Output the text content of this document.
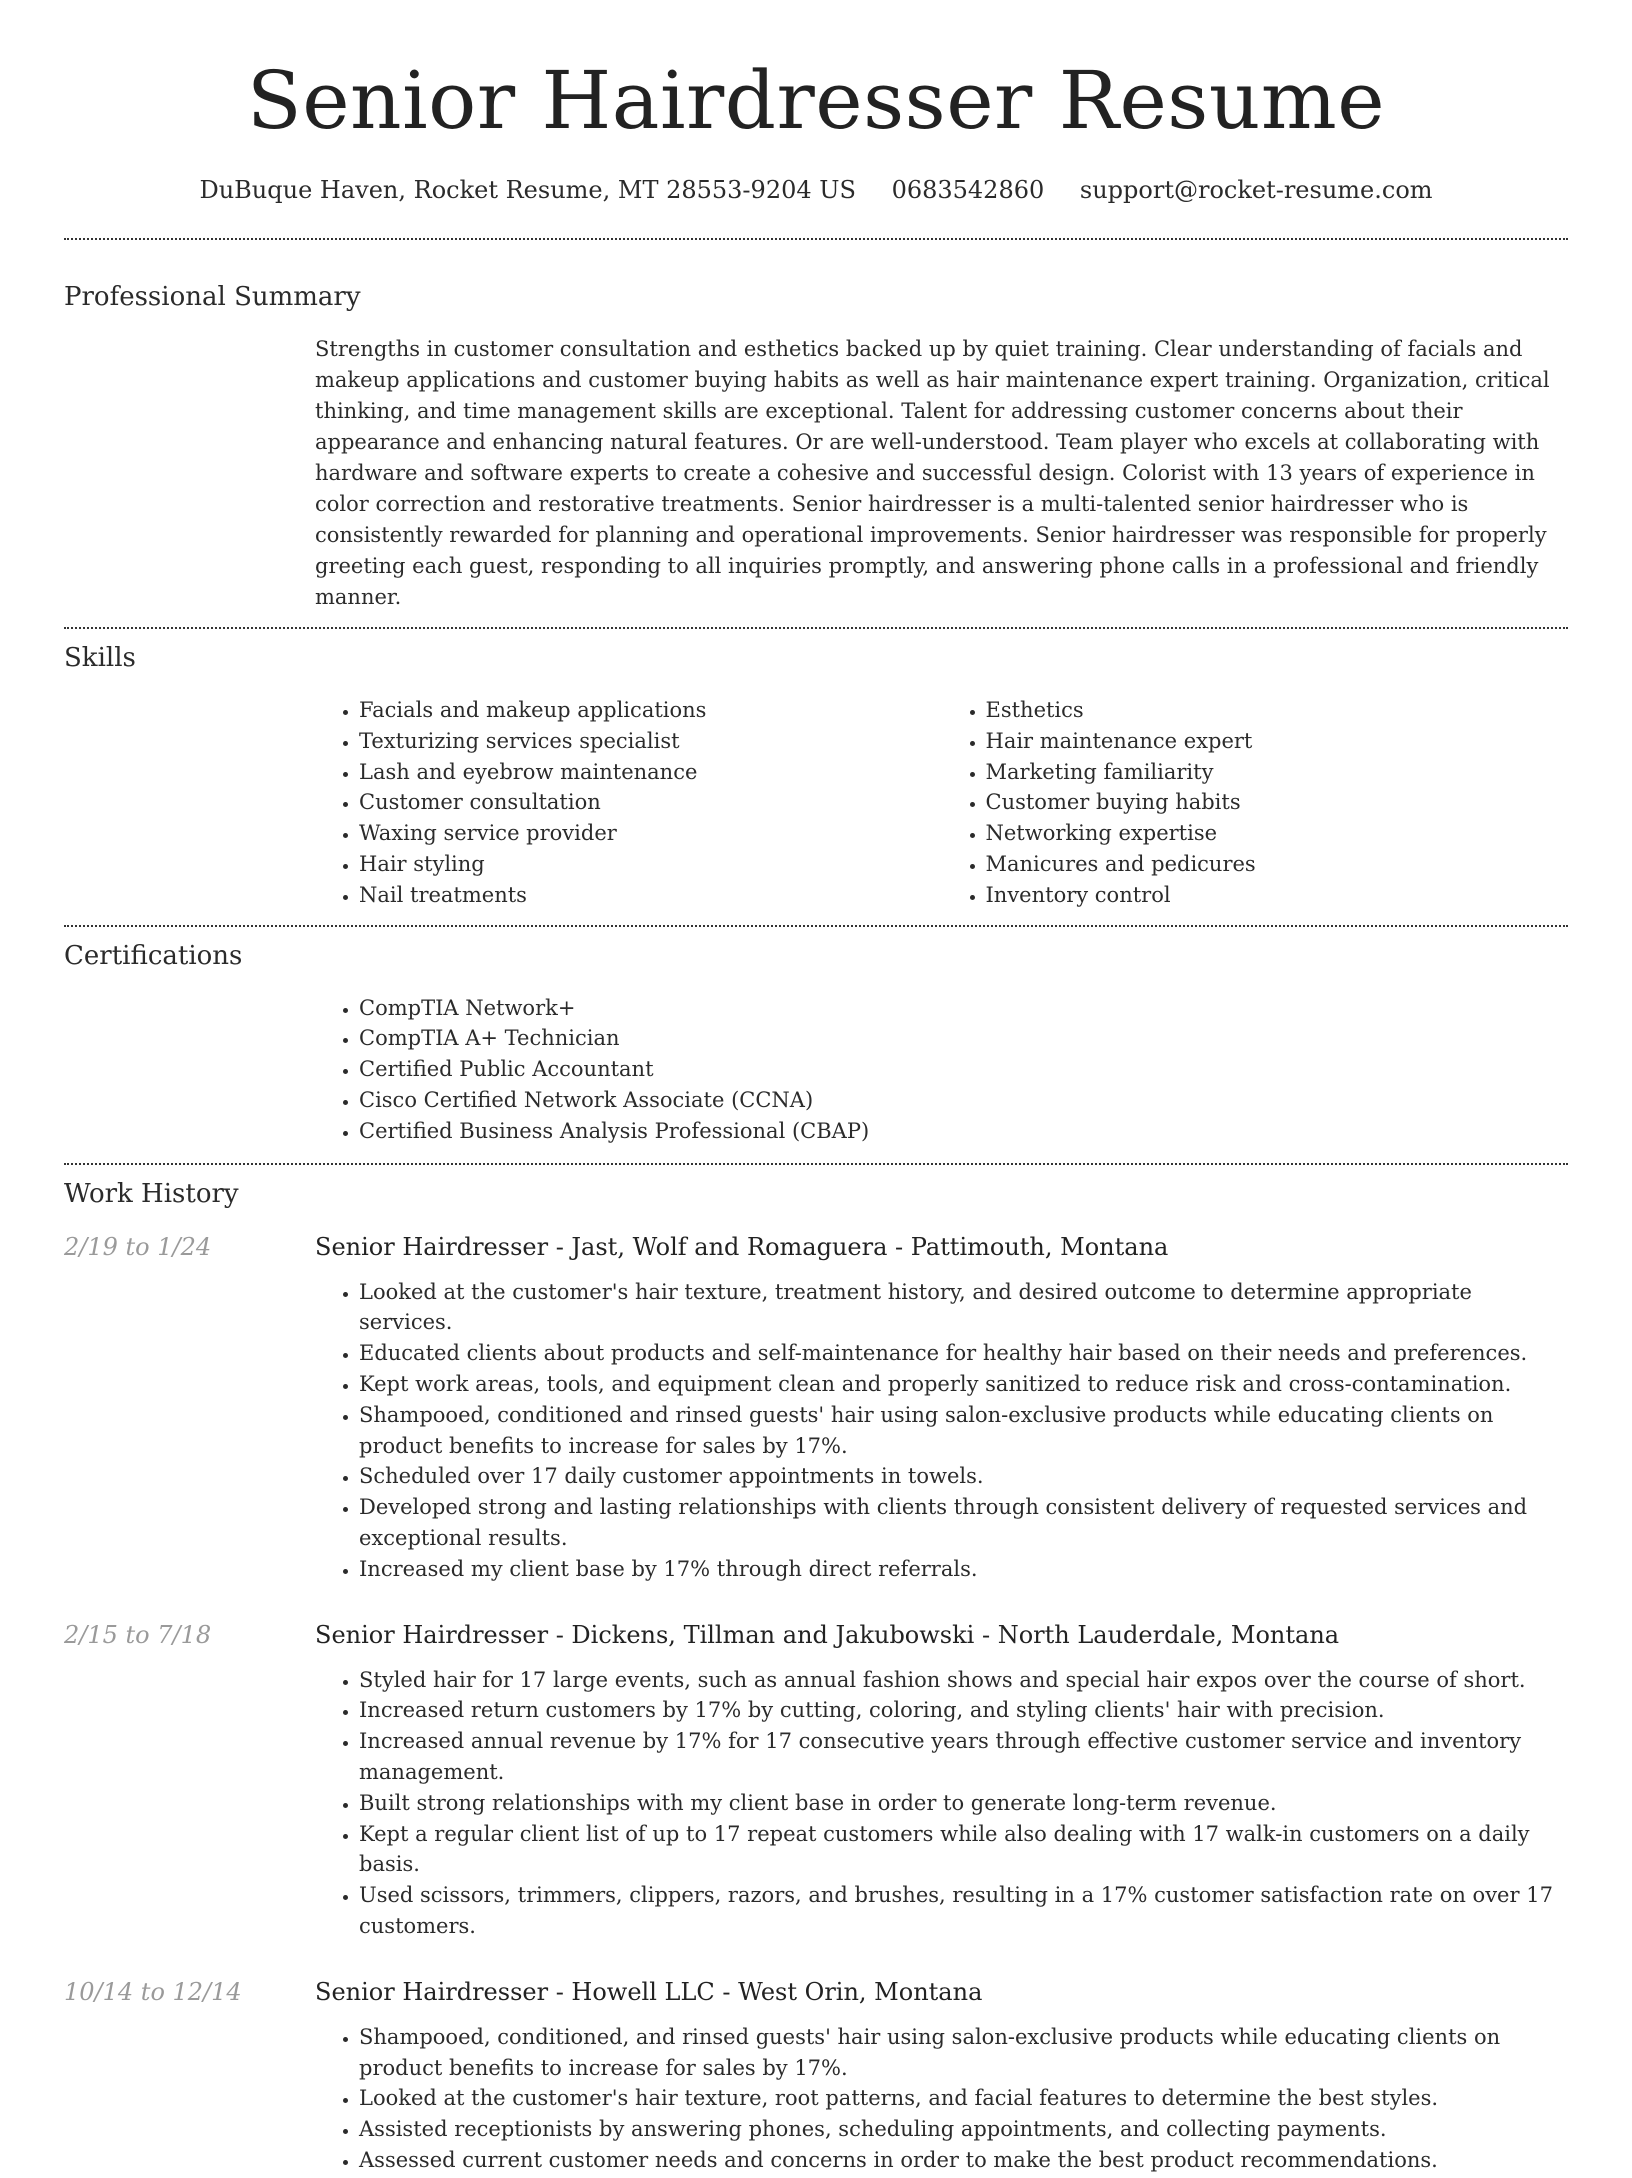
Senior Hairdresser Resume
DuBuque Haven, Rocket Resume, MT 28553-9204 US 0683542860 support@rocket-resume.com
Professional Summary

Strengths in customer consultation and esthetics backed up by quiet training. Clear understanding of facials and makeup applications and customer buying habits as well as hair maintenance expert training. Organization, critical thinking, and time management skills are exceptional. Talent for addressing customer concerns about their appearance and enhancing natural features. Or are well-understood. Team player who excels at collaborating with hardware and software experts to create a cohesive and successful design. Colorist with 13 years of experience in color correction and restorative treatments. Senior hairdresser is a multi-talented senior hairdresser who is consistently rewarded for planning and operational improvements. Senior hairdresser was responsible for properly greeting each guest, responding to all inquiries promptly, and answering phone calls in a professional and friendly manner.

Skills
• Facials and makeup applications
• Texturizing services specialist
• Lash and eyebrow maintenance
• Customer consultation
• Waxing service provider
• Hair styling
• Nail treatments
• Esthetics
• Hair maintenance expert
• Marketing familiarity
• Customer buying habits
• Networking expertise
• Manicures and pedicures
• Inventory control
Certifications
• CompTIA Network+
• CompTIA A+ Technician
• Certified Public Accountant
• Cisco Certified Network Associate (CCNA)
• Certified Business Analysis Professional (CBAP)
Work History
2/19 to 1/24	Senior Hairdresser - Jast, Wolf and Romaguera - Pattimouth, Montana
• Looked at the customer's hair texture, treatment history, and desired outcome to determine appropriate services.
• Educated clients about products and self-maintenance for healthy hair based on their needs and preferences.
• Kept work areas, tools, and equipment clean and properly sanitized to reduce risk and cross-contamination.
• Shampooed, conditioned and rinsed guests' hair using salon-exclusive products while educating clients on product benefits to increase for sales by 17%.
• Scheduled over 17 daily customer appointments in towels.
• Developed strong and lasting relationships with clients through consistent delivery of requested services and exceptional results.
• Increased my client base by 17% through direct referrals.
2/15 to 7/18	Senior Hairdresser - Dickens, Tillman and Jakubowski - North Lauderdale, Montana
• Styled hair for 17 large events, such as annual fashion shows and special hair expos over the course of short.
• Increased return customers by 17% by cutting, coloring, and styling clients' hair with precision.
• Increased annual revenue by 17% for 17 consecutive years through effective customer service and inventory management.
• Built strong relationships with my client base in order to generate long-term revenue.
• Kept a regular client list of up to 17 repeat customers while also dealing with 17 walk-in customers on a daily basis.
• Used scissors, trimmers, clippers, razors, and brushes, resulting in a 17% customer satisfaction rate on over 17 customers.
10/14 to 12/14	Senior Hairdresser - Howell LLC - West Orin, Montana
• Shampooed, conditioned, and rinsed guests' hair using salon-exclusive products while educating clients on product benefits to increase for sales by 17%.
• Looked at the customer's hair texture, root patterns, and facial features to determine the best styles.
• Assisted receptionists by answering phones, scheduling appointments, and collecting payments.
• Assessed current customer needs and concerns in order to make the best product recommendations.
